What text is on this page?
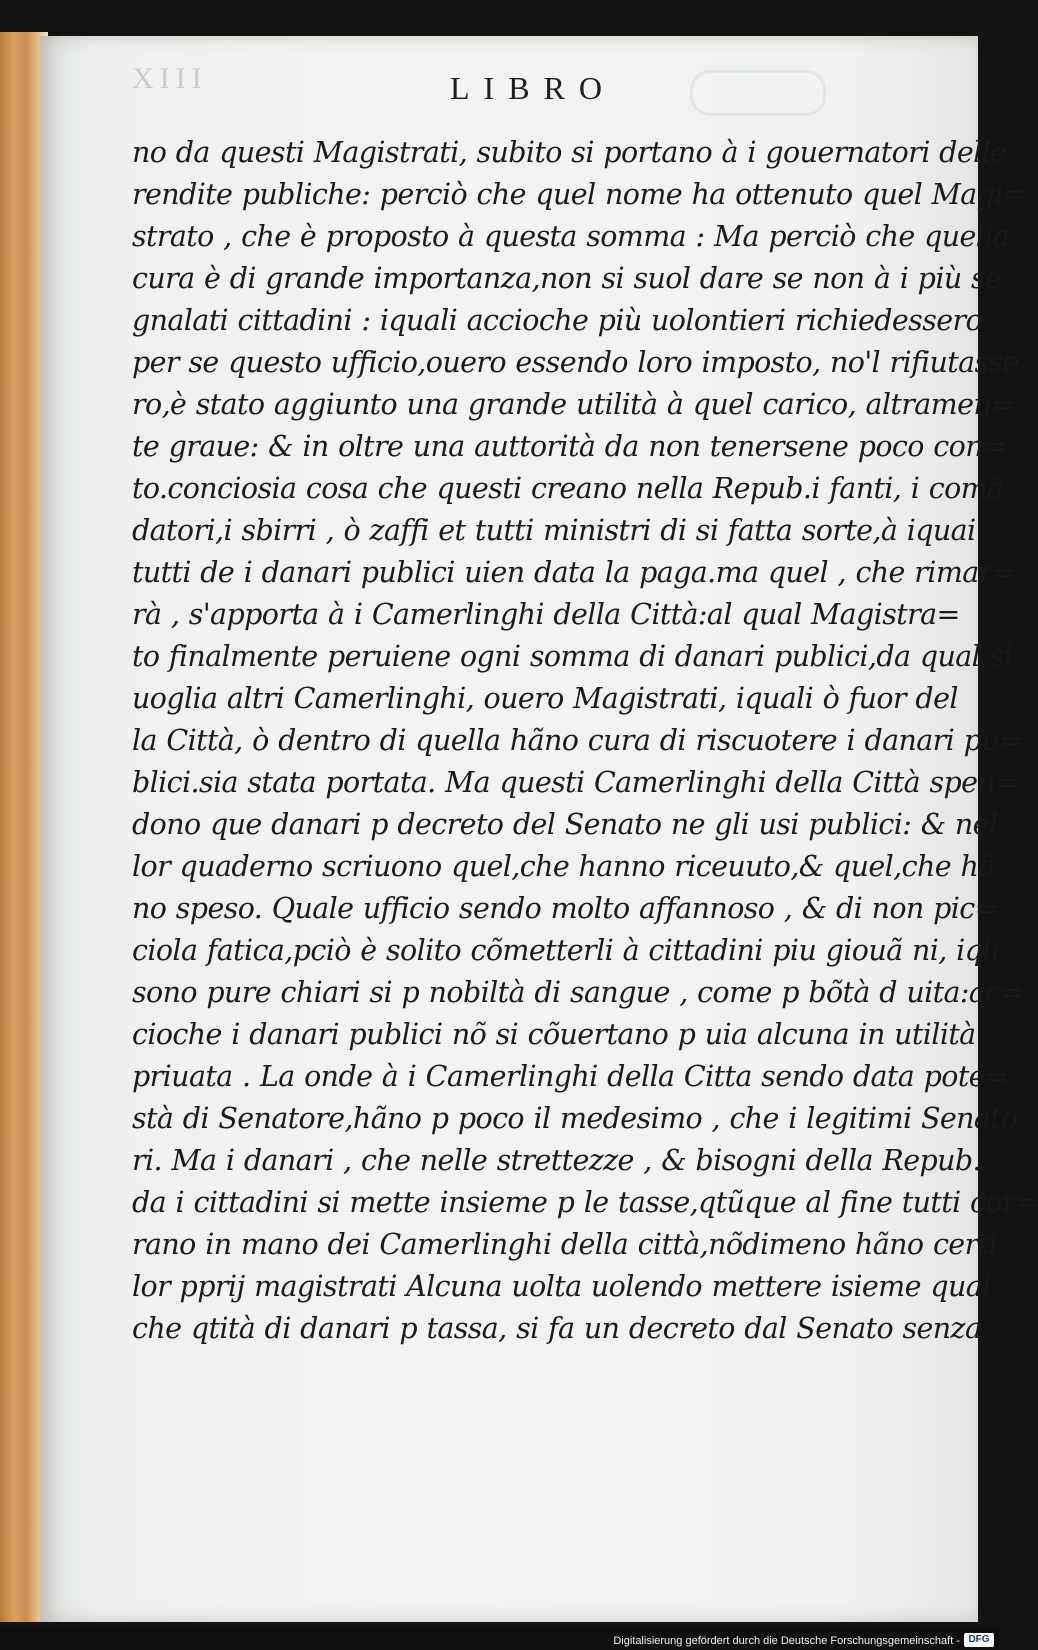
XIII	LIBRO
no da questi Magistrati, subito si portano à i gouernatori delle
rendite publiche: perciò che quel nome ha ottenuto quel Magi=
strato , che è proposto à questa somma : Ma perciò che quella
cura è di grande importanza,non si suol dare se non à i più se
gnalati cittadini : iquali accioche più uolontieri richiedessero
per se questo ufficio,ouero essendo loro imposto, no'l rifiutasse
ro,è stato aggiunto una grande utilità à quel carico, altramen=
te graue: & in oltre una auttorità da non tenersene poco con=
to.conciosia cosa che questi creano nella Repub.i fanti, i comã
datori,i sbirri , ò zaffi et tutti ministri di si fatta sorte,à iquai
tutti de i danari publici uien data la paga.ma quel , che rimar=
rà , s'apporta à i Camerlinghi della Città:al qual Magistra=
to finalmente peruiene ogni somma di danari publici,da qual si
uoglia altri Camerlinghi, ouero Magistrati, iquali ò fuor del
la Città, ò dentro di quella hãno cura di riscuotere i danari pu=
blici.sia stata portata. Ma questi Camerlinghi della Città spen=
dono que danari p decreto del Senato ne gli usi publici: & nel
lor quaderno scriuono quel,che hanno riceuuto,& quel,che hã
no speso. Quale ufficio sendo molto affannoso , & di non pic=
ciola fatica,pciò è solito cõmetterli à cittadini piu giouã ni, iqli
sono pure chiari si p nobiltà di sangue , come p bõtà d uita:ac=
cioche i danari publici nõ si cõuertano p uia alcuna in utilità
priuata . La onde à i Camerlinghi della Citta sendo data pote=
stà di Senatore,hãno p poco il medesimo , che i legitimi Senato
ri. Ma i danari , che nelle strettezze , & bisogni della Repub.
da i cittadini si mette insieme p le tasse,qtũque al fine tutti cor=
rano in mano dei Camerlinghi della città,nõdimeno hãno certi
lor pprij magistrati Alcuna uolta uolendo mettere isieme qual
che qtità di danari p tassa, si fa un decreto dal Senato senza
Digitalisierung gefördert durch die Deutsche Forschungsgemeinschaft - DFG
